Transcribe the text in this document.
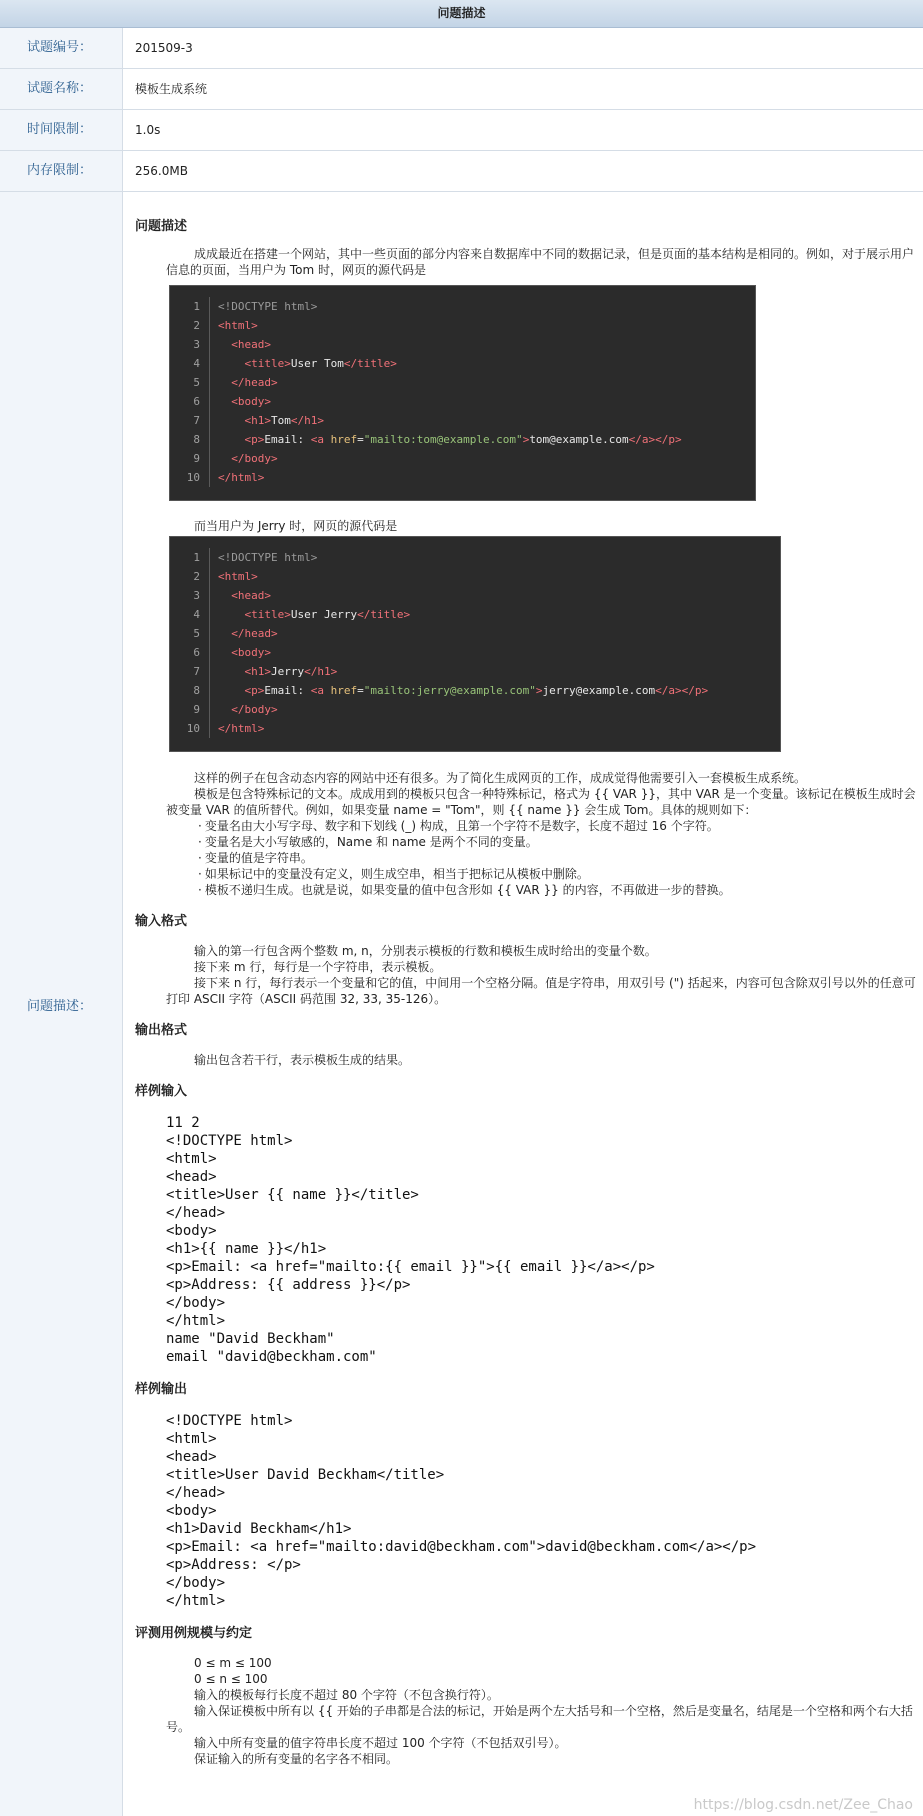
问题描述
试题编号：	201509-3
试题名称：	模板生成系统
时间限制：	1.0s
内存限制：	256.0MB
问题描述：
问题描述
成成最近在搭建一个网站，其中一些页面的部分内容来自数据库中不同的数据记录，但是页面的基本结构是相同的。例如，对于展示用户信息的页面，当用户为 Tom 时，网页的源代码是
1	<!DOCTYPE html>
2	<html>
3	<head>
4	<title>User Tom</title>
5	</head>
6	<body>
7	<h1>Tom</h1>
8	<p>Email: <a href="mailto:tom@example.com">tom@example.com</a></p>
9	</body>
10	</html>
而当用户为 Jerry 时，网页的源代码是
1	<!DOCTYPE html>
2	<html>
3	<head>
4	<title>User Jerry</title>
5	</head>
6	<body>
7	<h1>Jerry</h1>
8	<p>Email: <a href="mailto:jerry@example.com">jerry@example.com</a></p>
9	</body>
10	</html>
这样的例子在包含动态内容的网站中还有很多。为了简化生成网页的工作，成成觉得他需要引入一套模板生成系统。
模板是包含特殊标记的文本。成成用到的模板只包含一种特殊标记，格式为 {{ VAR }}，其中 VAR 是一个变量。该标记在模板生成时会被变量 VAR 的值所替代。例如，如果变量 name = "Tom"，则 {{ name }} 会生成 Tom。具体的规则如下：
· 变量名由大小写字母、数字和下划线 (_) 构成，且第一个字符不是数字，长度不超过 16 个字符。
· 变量名是大小写敏感的，Name 和 name 是两个不同的变量。
· 变量的值是字符串。
· 如果标记中的变量没有定义，则生成空串，相当于把标记从模板中删除。
· 模板不递归生成。也就是说，如果变量的值中包含形如 {{ VAR }} 的内容，不再做进一步的替换。
输入格式
输入的第一行包含两个整数 m, n，分别表示模板的行数和模板生成时给出的变量个数。
接下来 m 行，每行是一个字符串，表示模板。
接下来 n 行，每行表示一个变量和它的值，中间用一个空格分隔。值是字符串，用双引号 (") 括起来，内容可包含除双引号以外的任意可打印 ASCII 字符（ASCII 码范围 32, 33, 35-126）。
输出格式
输出包含若干行，表示模板生成的结果。
样例输入
11 2
<!DOCTYPE html>
<html>
<head>
<title>User {{ name }}</title>
</head>
<body>
<h1>{{ name }}</h1>
<p>Email: <a href="mailto:{{ email }}">{{ email }}</a></p>
<p>Address: {{ address }}</p>
</body>
</html>
name "David Beckham"
email "david@beckham.com"
样例输出
<!DOCTYPE html>
<html>
<head>
<title>User David Beckham</title>
</head>
<body>
<h1>David Beckham</h1>
<p>Email: <a href="mailto:david@beckham.com">david@beckham.com</a></p>
<p>Address: </p>
</body>
</html>
评测用例规模与约定
0 ≤ m ≤ 100
0 ≤ n ≤ 100
输入的模板每行长度不超过 80 个字符（不包含换行符）。
输入保证模板中所有以 {{ 开始的子串都是合法的标记，开始是两个左大括号和一个空格，然后是变量名，结尾是一个空格和两个右大括号。
输入中所有变量的值字符串长度不超过 100 个字符（不包括双引号）。
保证输入的所有变量的名字各不相同。
https://blog.csdn.net/Zee_Chao
